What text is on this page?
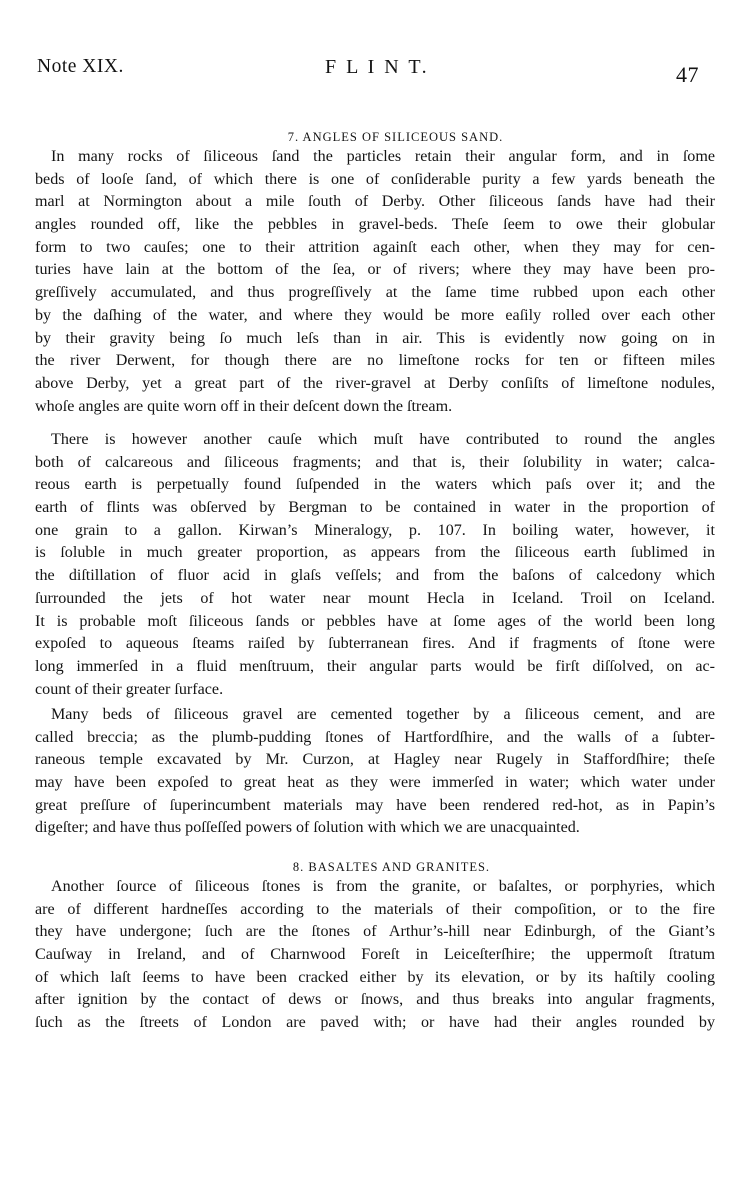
Note XIX.	F L I N T.	47
7. ANGLES OF SILICEOUS SAND.
In many rocks of ſiliceous ſand the particles retain their angular form, and in ſome
beds of looſe ſand, of which there is one of conſiderable purity a few yards beneath the
marl at Normington about a mile ſouth of Derby. Other ſiliceous ſands have had their
angles rounded off, like the pebbles in gravel-beds. Theſe ſeem to owe their globular
form to two cauſes; one to their attrition againſt each other, when they may for cen-
turies have lain at the bottom of the ſea, or of rivers; where they may have been pro-
greſſively accumulated, and thus progreſſively at the ſame time rubbed upon each other
by the daſhing of the water, and where they would be more eaſily rolled over each other
by their gravity being ſo much leſs than in air. This is evidently now going on in
the river Derwent, for though there are no limeſtone rocks for ten or fifteen miles
above Derby, yet a great part of the river-gravel at Derby conſiſts of limeſtone nodules,
whoſe angles are quite worn off in their deſcent down the ſtream.
There is however another cauſe which muſt have contributed to round the angles
both of calcareous and ſiliceous fragments; and that is, their ſolubility in water; calca-
reous earth is perpetually found ſuſpended in the waters which paſs over it; and the
earth of flints was obſerved by Bergman to be contained in water in the proportion of
one grain to a gallon. Kirwan’s Mineralogy, p. 107. In boiling water, however, it
is ſoluble in much greater proportion, as appears from the ſiliceous earth ſublimed in
the diſtillation of fluor acid in glaſs veſſels; and from the baſons of calcedony which
ſurrounded the jets of hot water near mount Hecla in Iceland. Troil on Iceland.
It is probable moſt ſiliceous ſands or pebbles have at ſome ages of the world been long
expoſed to aqueous ſteams raiſed by ſubterranean fires. And if fragments of ſtone were
long immerſed in a fluid menſtruum, their angular parts would be firſt diſſolved, on ac-
count of their greater ſurface.
Many beds of ſiliceous gravel are cemented together by a ſiliceous cement, and are
called breccia; as the plumb-pudding ſtones of Hartfordſhire, and the walls of a ſubter-
raneous temple excavated by Mr. Curzon, at Hagley near Rugely in Staffordſhire; theſe
may have been expoſed to great heat as they were immerſed in water; which water under
great preſſure of ſuperincumbent materials may have been rendered red-hot, as in Papin’s
digeſter; and have thus poſſeſſed powers of ſolution with which we are unacquainted.
8. BASALTES AND GRANITES.
Another ſource of ſiliceous ſtones is from the granite, or baſaltes, or porphyries, which
are of different hardneſſes according to the materials of their compoſition, or to the fire
they have undergone; ſuch are the ſtones of Arthur’s-hill near Edinburgh, of the Giant’s
Cauſway in Ireland, and of Charnwood Foreſt in Leiceſterſhire; the uppermoſt ſtratum
of which laſt ſeems to have been cracked either by its elevation, or by its haſtily cooling
after ignition by the contact of dews or ſnows, and thus breaks into angular fragments,
ſuch as the ſtreets of London are paved with; or have had their angles rounded by
